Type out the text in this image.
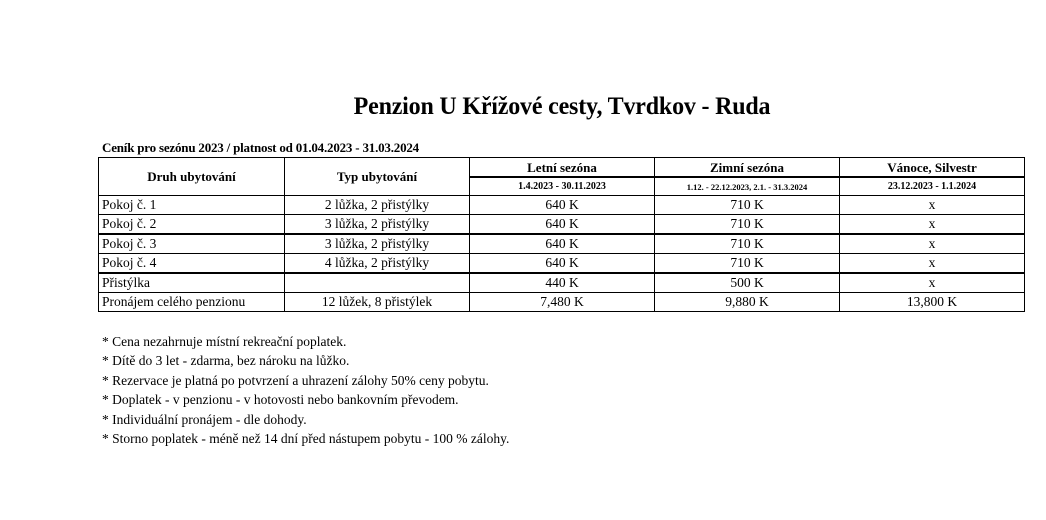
Penzion U Křížové cesty, Tvrdkov - Ruda
Ceník pro sezónu 2023 / platnost od 01.04.2023 - 31.03.2024
Druh ubytování	Typ ubytování	Letní sezóna	Zimní sezóna	Vánoce, Silvestr
		1.4.2023 - 30.11.2023	1.12. - 22.12.2023, 2.1. - 31.3.2024	23.12.2023 - 1.1.2024
Pokoj č. 1	2 lůžka, 2 přistýlky	640 K	710 K	x
Pokoj č. 2	3 lůžka, 2 přistýlky	640 K	710 K	x
Pokoj č. 3	3 lůžka, 2 přistýlky	640 K	710 K	x
Pokoj č. 4	4 lůžka, 2 přistýlky	640 K	710 K	x
Přistýlka		440 K	500 K	x
Pronájem celého penzionu	12 lůžek, 8 přistýlek	7,480 K	9,880 K	13,800 K
* Cena nezahrnuje místní rekreační poplatek.
* Dítě do 3 let - zdarma, bez nároku na lůžko.
* Rezervace je platná po potvrzení a uhrazení zálohy 50% ceny pobytu.
* Doplatek - v penzionu - v hotovosti nebo bankovním převodem.
* Individuální pronájem - dle dohody.
* Storno poplatek - méně než 14 dní před nástupem pobytu - 100 % zálohy.
